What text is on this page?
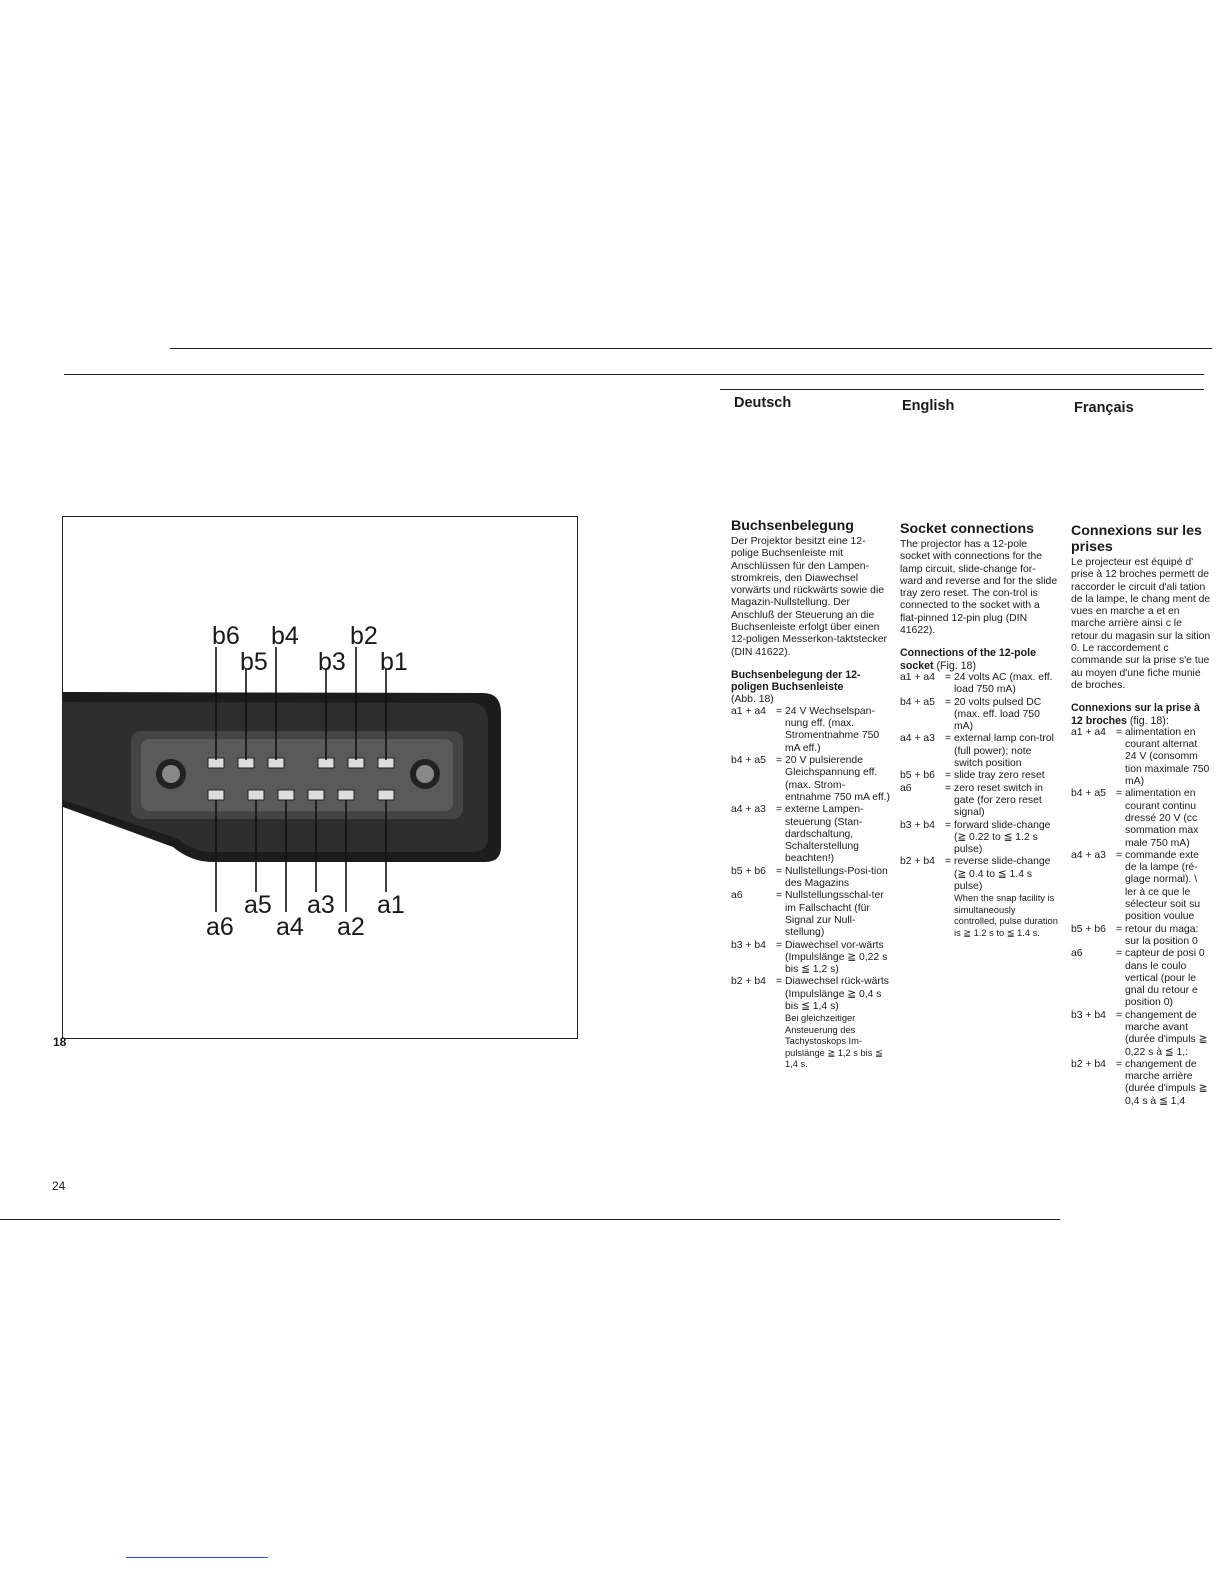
Deutsch	English	Français
b6
b5
b4
b3
b2
b1
a6
a5
a4
a3
a2
a1
18
24
Buchsenbelegung

Der Projektor besitzt eine 12-polige Buchsenleiste mit Anschlüssen für den Lampen-stromkreis, den Diawechsel vorwärts und rückwärts sowie die Magazin-Nullstellung. Der Anschluß der Steuerung an die Buchsenleiste erfolgt über einen 12-poligen Messerkon-taktstecker (DIN 41622).

Buchsenbelegung der 12-poligen Buchsenleiste

(Abb. 18)

a1 + a4 = 24 V Wechselspan-nung eff. (max. Stromentnahme 750 mA eff.)
b4 + a5 = 20 V pulsierende Gleichspannung eff. (max. Strom-entnahme 750 mA eff.)
a4 + a3 = externe Lampen-steuerung (Stan-dardschaltung, Schalterstellung beachten!)
b5 + b6 = Nullstellungs-Posi-tion des Magazins
a6	= Nullstellungsschal-ter im Fallschacht (für Signal zur Null-stellung)
b3 + b4 = Diawechsel vor-wärts (Impulslänge ≧ 0,22 s bis ≦ 1,2 s)
b2 + b4 = Diawechsel rück-wärts (Impulslänge ≧ 0,4 s bis ≦ 1,4 s)
Bei gleichzeitiger Ansteuerung des Tachystoskops Im-pulslänge ≧ 1,2 s bis ≦ 1,4 s.
Socket connections

The projector has a 12-pole socket with connections for the lamp circuit, slide-change for-ward and reverse and for the slide tray zero reset. The con-trol is connected to the socket with a flat-pinned 12-pin plug (DIN 41622).

Connections of the 12-pole socket (Fig. 18)
a1 + a4 = 24 volts AC (max. eff. load 750 mA)
b4 + a5 = 20 volts pulsed DC (max. eff. load 750 mA)
a4 + a3 = external lamp con-trol (full power); note switch position
b5 + b6 = slide tray zero reset
a6	= zero reset switch in gate (for zero reset signal)
b3 + b4 = forward slide-change (≧ 0.22 to ≦ 1.2 s pulse)
b2 + b4 = reverse slide-change (≧ 0.4 to ≦ 1.4 s pulse)
When the snap facility is simultaneously controlled, pulse duration is ≧ 1.2 s to ≦ 1.4 s.
Connexions sur les prises

Le projecteur est équipé d' prise à 12 broches permett de raccorder le circuit d'ali tation de la lampe, le chang ment de vues en marche a et en marche arrière ainsi c le retour du magasin sur la sition 0. Le raccordement c commande sur la prise s'e tue au moyen d'une fiche munie de broches.

Connexions sur la prise à 12 broches (fig. 18):
a1 + a4 = alimentation en courant alternat 24 V (consomm tion maximale 750 mA)
b4 + a5 = alimentation en courant continu dressé 20 V (cc sommation max male 750 mA)
a4 + a3 = commande exte de la lampe (ré-glage normal). \ ler à ce que le sélecteur soit su position voulue
b5 + b6 = retour du maga: sur la position 0
a6	= capteur de posi 0 dans le coulo vertical (pour le gnal du retour e position 0)
b3 + b4 = changement de marche avant (durée d'impuls ≧ 0,22 s à ≦ 1,:
b2 + b4 = changement de marche arrière (durée d'impuls ≧ 0,4 s à ≦ 1,4
